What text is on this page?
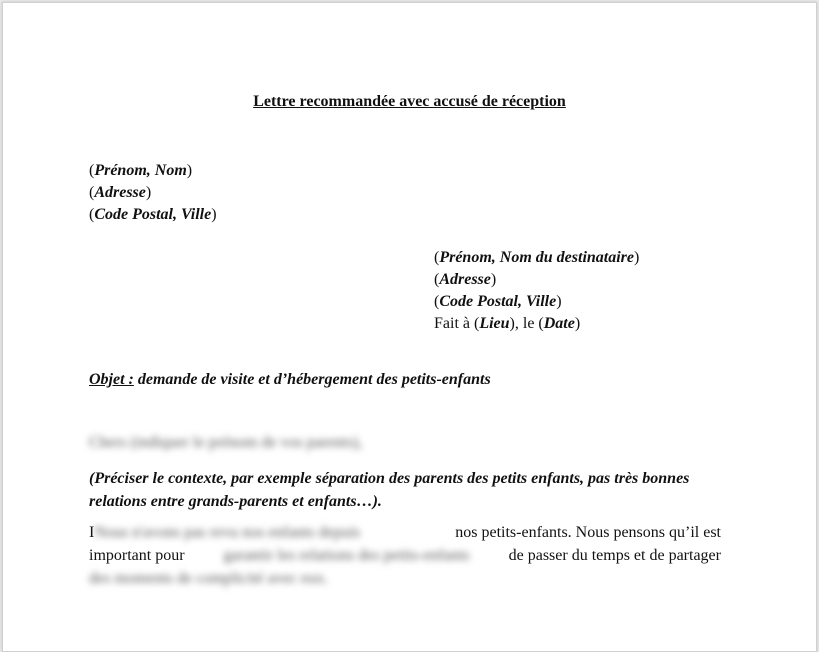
Lettre recommandée avec accusé de réception
(Prénom, Nom)
(Adresse)
(Code Postal, Ville)
(Prénom, Nom du destinataire)
(Adresse)
(Code Postal, Ville)
Fait à (Lieu), le (Date)
Objet : demande de visite et d’hébergement des petits-enfants
Chers (indiquer le prénom de vos parents),
(Préciser le contexte, par exemple séparation des parents des petits enfants, pas très bonnes
relations entre grands-parents et enfants…).
INous n'avons pas revu nos enfants depuis	nos petits-enfants. Nous pensons qu’il est
important pour garantir les relations des petits-enfants de passer du temps et de partager
des moments de complicité avec eux.
